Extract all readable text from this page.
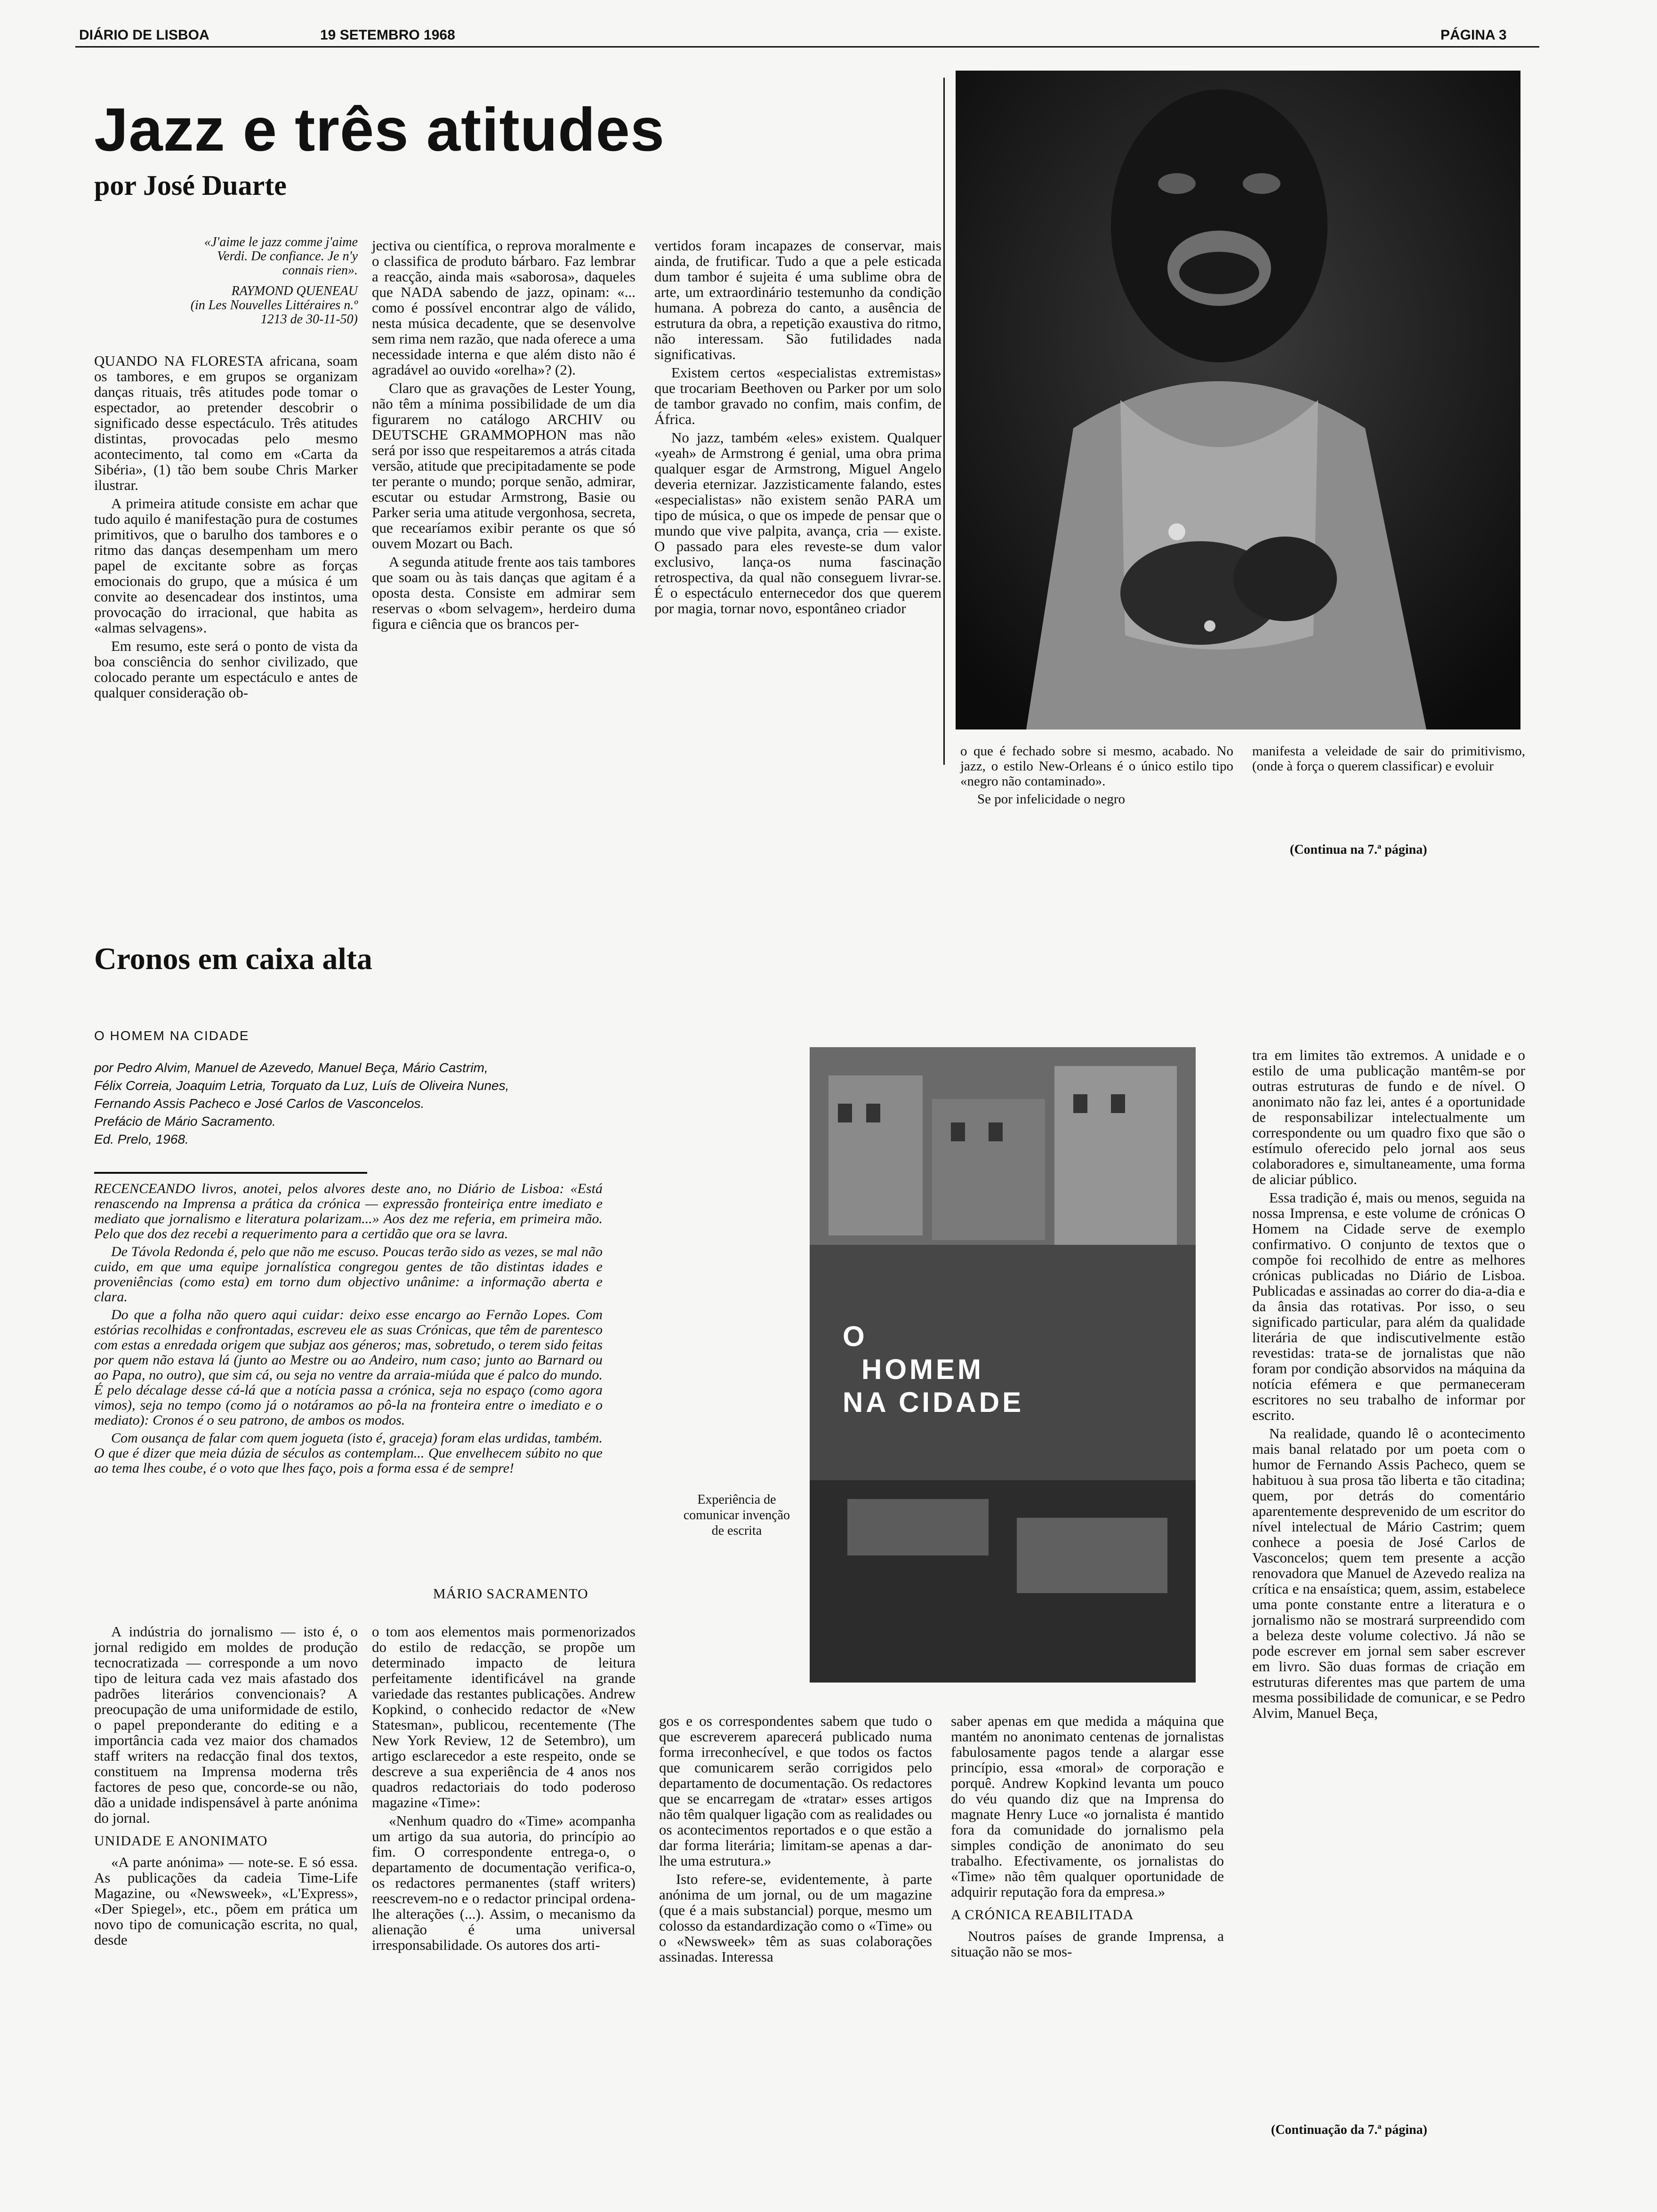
DIÁRIO DE LISBOA	19 SETEMBRO 1968	PÁGINA 3
Jazz e três atitudes
por José Duarte
«J'aime le jazz comme j'aime Verdi. De confiance. Je n'y connais rien».
RAYMOND QUENEAU
(in Les Nouvelles Littéraires n.º 1213 de 30-11-50)

QUANDO NA FLORESTA africana, soam os tambores, e em grupos se organizam danças rituais, três atitudes pode tomar o espectador, ao pretender descobrir o significado desse espectáculo. Três atitudes distintas, provocadas pelo mesmo acontecimento, tal como em «Carta da Sibéria», (1) tão bem soube Chris Marker ilustrar.

A primeira atitude consiste em achar que tudo aquilo é manifestação pura de costumes primitivos, que o barulho dos tambores e o ritmo das danças desempenham um mero papel de excitante sobre as forças emocionais do grupo, que a música é um convite ao desencadear dos instintos, uma provocação do irracional, que habita as «almas selvagens».

Em resumo, este será o ponto de vista da boa consciência do senhor civilizado, que colocado perante um espectáculo e antes de qualquer consideração ob-

jectiva ou científica, o reprova moralmente e o classifica de produto bárbaro. Faz lembrar a reacção, ainda mais «saborosa», daqueles que NADA sabendo de jazz, opinam: «... como é possível encontrar algo de válido, nesta música decadente, que se desenvolve sem rima nem razão, que nada oferece a uma necessidade interna e que além disto não é agradável ao ouvido «orelha»? (2).

Claro que as gravações de Lester Young, não têm a mínima possibilidade de um dia figurarem no catálogo ARCHIV ou DEUTSCHE GRAMMOPHON mas não será por isso que respeitaremos a atrás citada versão, atitude que precipitadamente se pode ter perante o mundo; porque senão, admirar, escutar ou estudar Armstrong, Basie ou Parker seria uma atitude vergonhosa, secreta, que recearíamos exibir perante os que só ouvem Mozart ou Bach.

A segunda atitude frente aos tais tambores que soam ou às tais danças que agitam é a oposta desta. Consiste em admirar sem reservas o «bom selvagem», herdeiro duma figura e ciência que os brancos per-

vertidos foram incapazes de conservar, mais ainda, de frutificar. Tudo a que a pele esticada dum tambor é sujeita é uma sublime obra de arte, um extraordinário testemunho da condição humana. A pobreza do canto, a ausência de estrutura da obra, a repetição exaustiva do ritmo, não interessam. São futilidades nada significativas.

Existem certos «especialistas extremistas» que trocariam Beethoven ou Parker por um solo de tambor gravado no confim, mais confim, de África.

No jazz, também «eles» existem. Qualquer «yeah» de Armstrong é genial, uma obra prima qualquer esgar de Armstrong, Miguel Angelo deveria eternizar. Jazzisticamente falando, estes «especialistas» não existem senão PARA um tipo de música, o que os impede de pensar que o mundo que vive palpita, avança, cria — existe. O passado para eles reveste-se dum valor exclusivo, lança-os numa fascinação retrospectiva, da qual não conseguem livrar-se. É o espectáculo enternecedor dos que querem por magia, tornar novo, espontâneo criador

o que é fechado sobre si mesmo, acabado. No jazz, o estilo New-Orleans é o único estilo tipo «negro não contaminado».

Se por infelicidade o negro

manifesta a veleidade de sair do primitivismo, (onde à força o querem classificar) e evoluir

(Continua na 7.ª página)
Cronos em caixa alta
O HOMEM NA CIDADE
por Pedro Alvim, Manuel de Azevedo, Manuel Beça, Mário Castrim,
Félix Correia, Joaquim Letria, Torquato da Luz, Luís de Oliveira Nunes,
Fernando Assis Pacheco e José Carlos de Vasconcelos.
Prefácio de Mário Sacramento.
Ed. Prelo, 1968.

RECENCEANDO livros, anotei, pelos alvores deste ano, no Diário de Lisboa: «Está renascendo na Imprensa a prática da crónica — expressão fronteiriça entre imediato e mediato que jornalismo e literatura polarizam...» Aos dez me referia, em primeira mão. Pelo que dos dez recebi a requerimento para a certidão que ora se lavra.

De Távola Redonda é, pelo que não me escuso. Poucas terão sido as vezes, se mal não cuido, em que uma equipe jornalística congregou gentes de tão distintas idades e proveniências (como esta) em torno dum objectivo unânime: a informação aberta e clara.

Do que a folha não quero aqui cuidar: deixo esse encargo ao Fernão Lopes. Com estórias recolhidas e confrontadas, escreveu ele as suas Crónicas, que têm de parentesco com estas a enredada origem que subjaz aos géneros; mas, sobretudo, o terem sido feitas por quem não estava lá (junto ao Mestre ou ao Andeiro, num caso; junto ao Barnard ou ao Papa, no outro), que sim cá, ou seja no ventre da arraia-miúda que é palco do mundo. É pelo décalage desse cá-lá que a notícia passa a crónica, seja no espaço (como agora vimos), seja no tempo (como já o notáramos ao pô-la na fronteira entre o imediato e o mediato): Cronos é o seu patrono, de ambos os modos.

Com ousança de falar com quem jogueta (isto é, graceja) foram elas urdidas, também. O que é dizer que meia dúzia de séculos as contemplam... Que envelhecem súbito no que ao tema lhes coube, é o voto que lhes faço, pois a forma essa é de sempre!

MÁRIO SACRAMENTO

A indústria do jornalismo — isto é, o jornal redigido em moldes de produção tecnocratizada — corresponde a um novo tipo de leitura cada vez mais afastado dos padrões literários convencionais? A preocupação de uma uniformidade de estilo, o papel preponderante do editing e a importância cada vez maior dos chamados staff writers na redacção final dos textos, constituem na Imprensa moderna três factores de peso que, concorde-se ou não, dão a unidade indispensável à parte anónima do jornal.

UNIDADE E ANONIMATO

«A parte anónima» — note-se. E só essa. As publicações da cadeia Time-Life Magazine, ou «Newsweek», «L'Express», «Der Spiegel», etc., põem em prática um novo tipo de comunicação escrita, no qual, desde

o tom aos elementos mais pormenorizados do estilo de redacção, se propõe um determinado impacto de leitura perfeitamente identificável na grande variedade das restantes publicações. Andrew Kopkind, o conhecido redactor de «New Statesman», publicou, recentemente (The New York Review, 12 de Setembro), um artigo esclarecedor a este respeito, onde se descreve a sua experiência de 4 anos nos quadros redactoriais do todo poderoso magazine «Time»:

«Nenhum quadro do «Time» acompanha um artigo da sua autoria, do princípio ao fim. O correspondente entrega-o, o departamento de documentação verifica-o, os redactores permanentes (staff writers) reescrevem-no e o redactor principal ordena-lhe alterações (...). Assim, o mecanismo da alienação é uma universal irresponsabilidade. Os autores dos arti-

gos e os correspondentes sabem que tudo o que escreverem aparecerá publicado numa forma irreconhecível, e que todos os factos que comunicarem serão corrigidos pelo departamento de documentação. Os redactores que se encarregam de «tratar» esses artigos não têm qualquer ligação com as realidades ou os acontecimentos reportados e o que estão a dar forma literária; limitam-se apenas a dar-lhe uma estrutura.»

Isto refere-se, evidentemente, à parte anónima de um jornal, ou de um magazine (que é a mais substancial) porque, mesmo um colosso da estandardização como o «Time» ou o «Newsweek» têm as suas colaborações assinadas. Interessa

saber apenas em que medida a máquina que mantém no anonimato centenas de jornalistas fabulosamente pagos tende a alargar esse princípio, essa «moral» de corporação e porquê. Andrew Kopkind levanta um pouco do véu quando diz que na Imprensa do magnate Henry Luce «o jornalista é mantido fora da comunidade do jornalismo pela simples condição de anonimato do seu trabalho. Efectivamente, os jornalistas do «Time» não têm qualquer oportunidade de adquirir reputação fora da empresa.»

A CRÓNICA REABILITADA

Noutros países de grande Imprensa, a situação não se mos-

O
HOMEM
NA CIDADE
Experiência de comunicar invenção de escrita

tra em limites tão extremos. A unidade e o estilo de uma publicação mantêm-se por outras estruturas de fundo e de nível. O anonimato não faz lei, antes é a oportunidade de responsabilizar intelectualmente um correspondente ou um quadro fixo que são o estímulo oferecido pelo jornal aos seus colaboradores e, simultaneamente, uma forma de aliciar público.

Essa tradição é, mais ou menos, seguida na nossa Imprensa, e este volume de crónicas O Homem na Cidade serve de exemplo confirmativo. O conjunto de textos que o compõe foi recolhido de entre as melhores crónicas publicadas no Diário de Lisboa. Publicadas e assinadas ao correr do dia-a-dia e da ânsia das rotativas. Por isso, o seu significado particular, para além da qualidade literária de que indiscutivelmente estão revestidas: trata-se de jornalistas que não foram por condição absorvidos na máquina da notícia efémera e que permaneceram escritores no seu trabalho de informar por escrito.

Na realidade, quando lê o acontecimento mais banal relatado por um poeta com o humor de Fernando Assis Pacheco, quem se habituou à sua prosa tão liberta e tão citadina; quem, por detrás do comentário aparentemente desprevenido de um escritor do nível intelectual de Mário Castrim; quem conhece a poesia de José Carlos de Vasconcelos; quem tem presente a acção renovadora que Manuel de Azevedo realiza na crítica e na ensaística; quem, assim, estabelece uma ponte constante entre a literatura e o jornalismo não se mostrará surpreendido com a beleza deste volume colectivo. Já não se pode escrever em jornal sem saber escrever em livro. São duas formas de criação em estruturas diferentes mas que partem de uma mesma possibilidade de comunicar, e se Pedro Alvim, Manuel Beça,

(Continuação da 7.ª página)
